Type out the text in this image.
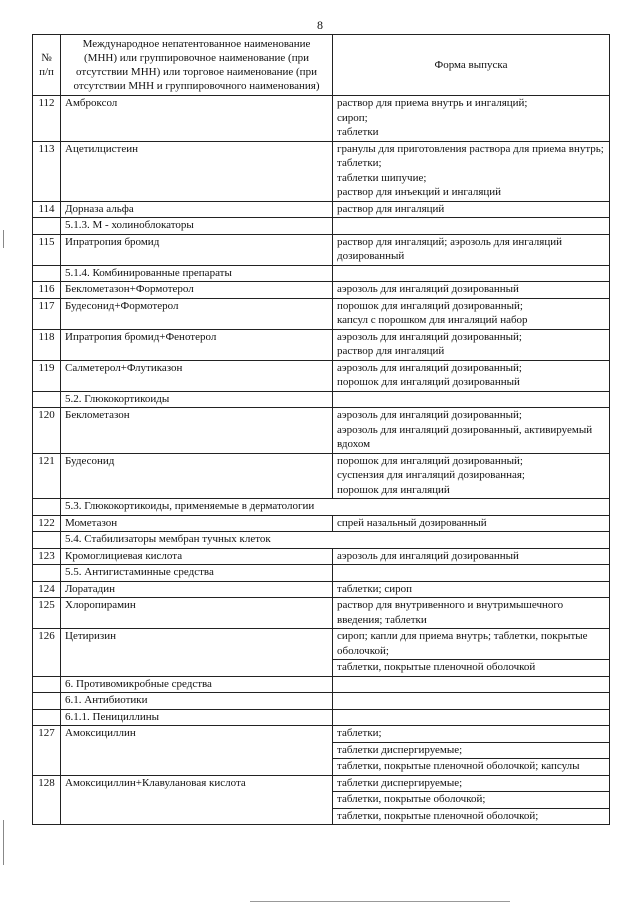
8
№
п/п	Международное непатентованное наименование (МНН) или группировочное наименование (при отсутствии МНН) или торговое наименование (при отсутствии МНН и группировочного наименования)	Форма выпуска
112	Амброксол	раствор для приема внутрь и ингаляций;
сироп;
таблетки

113	Ацетилцистеин	гранулы для приготовления раствора для приема внутрь;
таблетки;
таблетки шипучие;
раствор для инъекций и ингаляций

114	Дорназа альфа	раствор для ингаляций

	5.1.3. М - холиноблокаторы	
115	Ипратропия бромид	раствор для ингаляций; аэрозоль для ингаляций дозированный

	5.1.4. Комбинированные препараты	
116	Беклометазон+Формотерол	аэрозоль для ингаляций дозированный

117	Будесонид+Формотерол	порошок для ингаляций дозированный;
капсул с порошком для ингаляций набор

118	Ипратропия бромид+Фенотерол	аэрозоль для ингаляций дозированный;
раствор для ингаляций

119	Салметерол+Флутиказон	аэрозоль для ингаляций дозированный;
порошок для ингаляций дозированный

	5.2. Глюкокортикоиды	
120	Беклометазон	аэрозоль для ингаляций дозированный;
аэрозоль для ингаляций дозированный, активируемый вдохом

121	Будесонид	порошок для ингаляций дозированный;
суспензия для ингаляций дозированная;
порошок для ингаляций

	5.3. Глюкокортикоиды, применяемые в дерматологии	
122	Мометазон	спрей назальный дозированный

	5.4. Стабилизаторы мембран тучных клеток	
123	Кромоглициевая кислота	аэрозоль для ингаляций дозированный

	5.5. Антигистаминные средства	
124	Лоратадин	таблетки; сироп

125	Хлоропирамин	раствор для внутривенного и внутримышечного введения; таблетки

126	Цетиризин	сироп; капли для приема внутрь; таблетки, покрытые оболочкой;
		таблетки, покрытые пленочной оболочкой
	6. Противомикробные средства	
	6.1. Антибиотики	
	6.1.1. Пенициллины	
127	Амоксициллин	таблетки;
		таблетки диспергируемые;
		таблетки, покрытые пленочной оболочкой; капсулы
128	Амоксициллин+Клавулановая кислота	таблетки диспергируемые;
		таблетки, покрытые оболочкой;
		таблетки, покрытые пленочной оболочкой;
